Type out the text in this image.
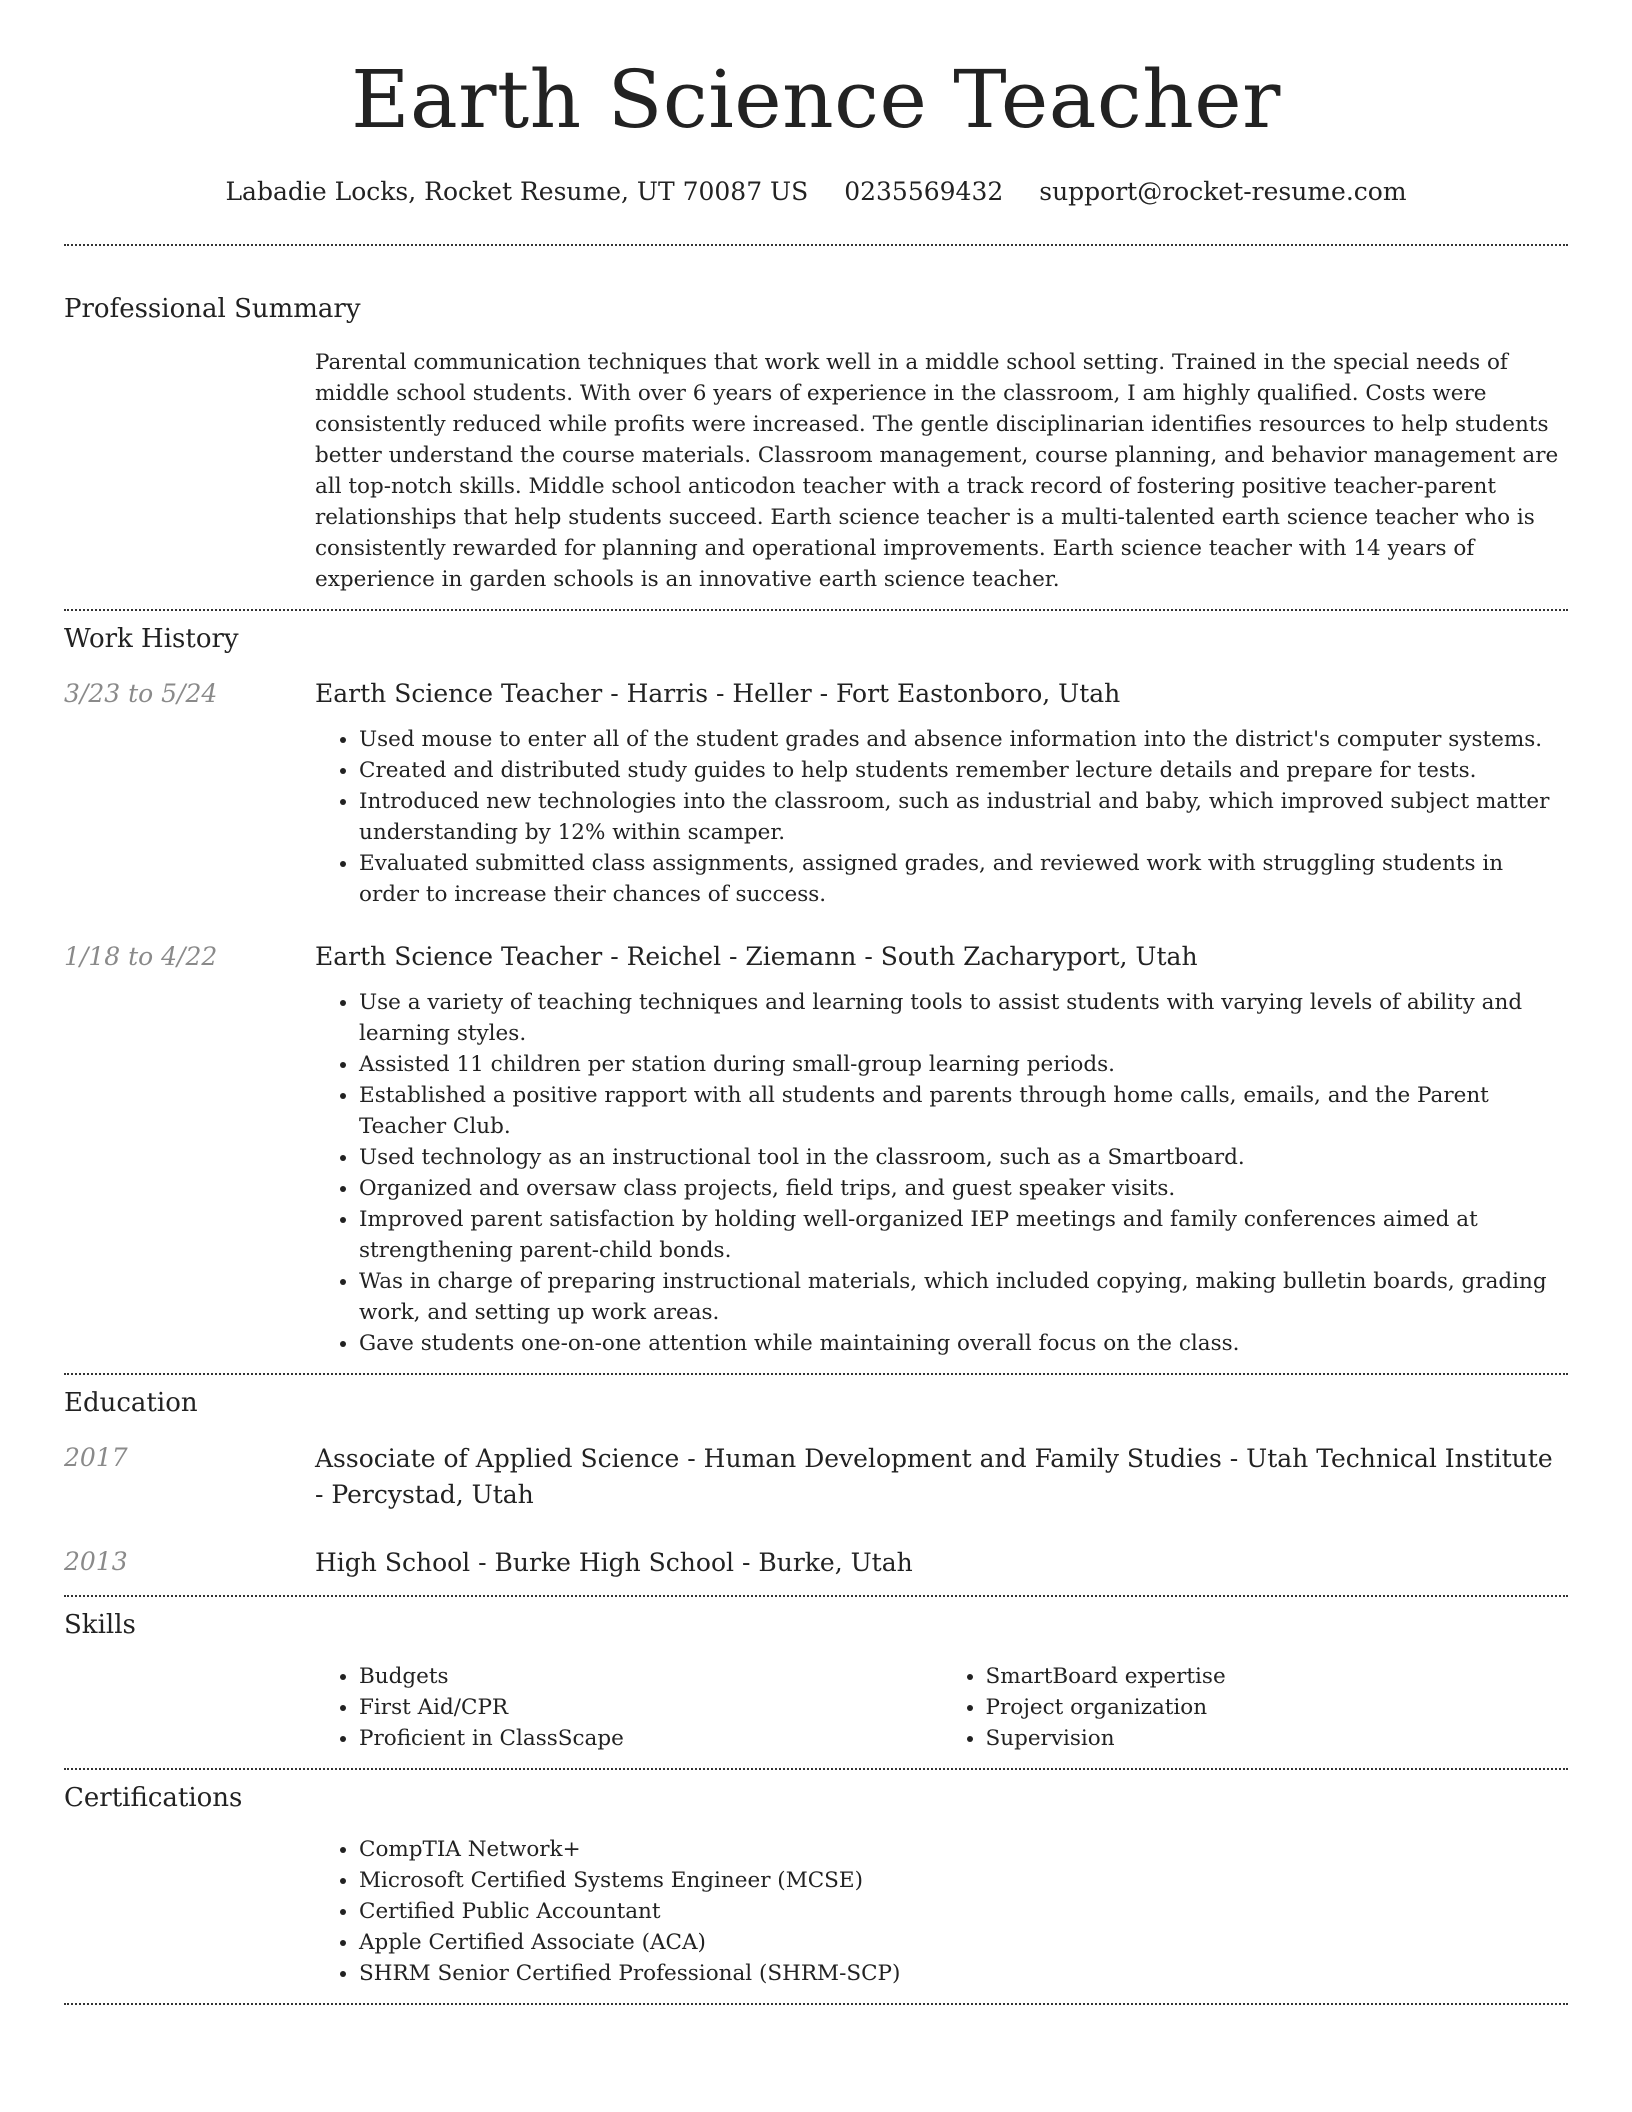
Earth Science Teacher
Labadie Locks, Rocket Resume, UT 70087 US 0235569432 support@rocket-resume.com
Professional Summary

Parental communication techniques that work well in a middle school setting. Trained in the special needs of middle school students. With over 6 years of experience in the classroom, I am highly qualified. Costs were consistently reduced while profits were increased. The gentle disciplinarian identifies resources to help students better understand the course materials. Classroom management, course planning, and behavior management are all top-notch skills. Middle school anticodon teacher with a track record of fostering positive teacher-parent relationships that help students succeed. Earth science teacher is a multi-talented earth science teacher who is consistently rewarded for planning and operational improvements. Earth science teacher with 14 years of experience in garden schools is an innovative earth science teacher.

Work History
3/23 to 5/24	Earth Science Teacher - Harris - Heller - Fort Eastonboro, Utah
• Used mouse to enter all of the student grades and absence information into the district's computer systems.
• Created and distributed study guides to help students remember lecture details and prepare for tests.
• Introduced new technologies into the classroom, such as industrial and baby, which improved subject matter understanding by 12% within scamper.
• Evaluated submitted class assignments, assigned grades, and reviewed work with struggling students in order to increase their chances of success.
1/18 to 4/22	Earth Science Teacher - Reichel - Ziemann - South Zacharyport, Utah
• Use a variety of teaching techniques and learning tools to assist students with varying levels of ability and learning styles.
• Assisted 11 children per station during small-group learning periods.
• Established a positive rapport with all students and parents through home calls, emails, and the Parent Teacher Club.
• Used technology as an instructional tool in the classroom, such as a Smartboard.
• Organized and oversaw class projects, field trips, and guest speaker visits.
• Improved parent satisfaction by holding well-organized IEP meetings and family conferences aimed at strengthening parent-child bonds.
• Was in charge of preparing instructional materials, which included copying, making bulletin boards, grading work, and setting up work areas.
• Gave students one-on-one attention while maintaining overall focus on the class.
Education
2017	Associate of Applied Science - Human Development and Family Studies - Utah Technical Institute - Percystad, Utah
2013	High School - Burke High School - Burke, Utah
Skills
• Budgets
• First Aid/CPR
• Proficient in ClassScape
• SmartBoard expertise
• Project organization
• Supervision
Certifications
• CompTIA Network+
• Microsoft Certified Systems Engineer (MCSE)
• Certified Public Accountant
• Apple Certified Associate (ACA)
• SHRM Senior Certified Professional (SHRM-SCP)
